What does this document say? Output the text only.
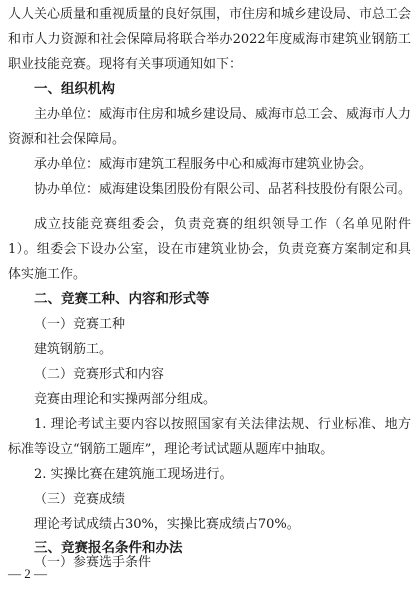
人人关心质量和重视质量的良好氛围，市住房和城乡建设局、市总工会和市人力资源和社会保障局将联合举办2022年度威海市建筑业钢筋工职业技能竞赛。现将有关事项通知如下：

一、组织机构

主办单位：威海市住房和城乡建设局、威海市总工会、威海市人力资源和社会保障局。

承办单位：威海市建筑工程服务中心和威海市建筑业协会。

协办单位：威海建设集团股份有限公司、品茗科技股份有限公司。

成立技能竞赛组委会，负责竞赛的组织领导工作（名单见附件1）。组委会下设办公室，设在市建筑业协会，负责竞赛方案制定和具体实施工作。

二、竞赛工种、内容和形式等

（一）竞赛工种

建筑钢筋工。

（二）竞赛形式和内容

竞赛由理论和实操两部分组成。

1. 理论考试主要内容以按照国家有关法律法规、行业标准、地方标准等设立“钢筋工题库”，理论考试试题从题库中抽取。

2. 实操比赛在建筑施工现场进行。

（三）竞赛成绩

理论考试成绩占30%，实操比赛成绩占70%。

三、竞赛报名条件和办法

（一）参赛选手条件

— 2 —
